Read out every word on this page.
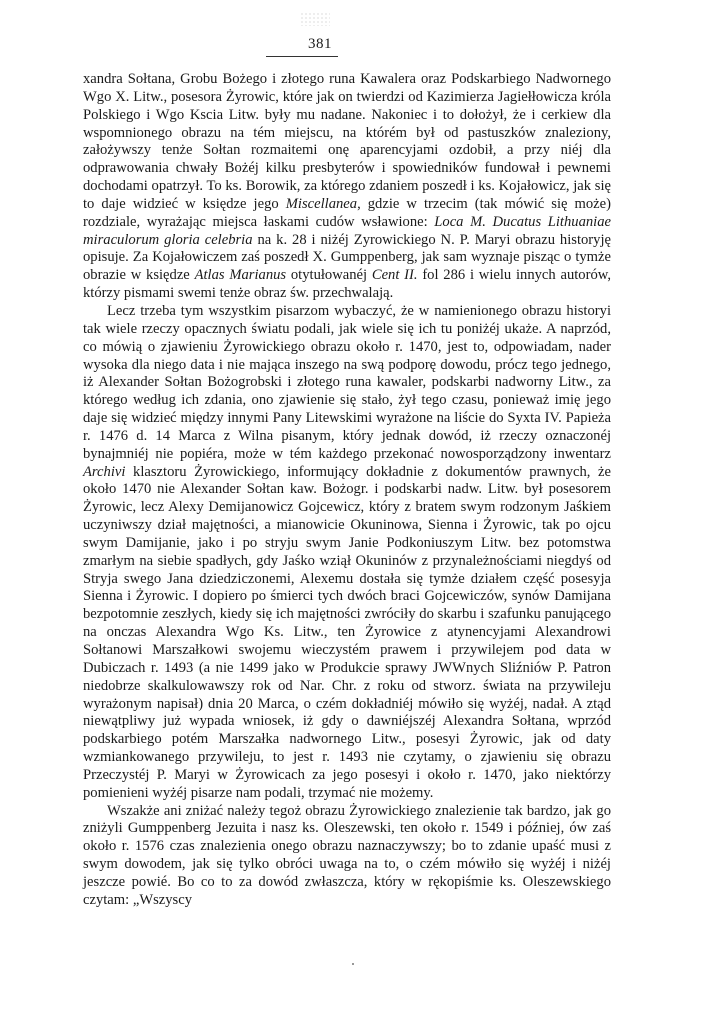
381

xandra Sołtana, Grobu Bożego i złotego runa Kawalera oraz Podskarbiego Nadwornego Wgo X. Litw., posesora Żyrowic, które jak on twierdzi od Kazimierza Jagiełłowicza króla Polskiego i Wgo Kscia Litw. były mu nadane. Nakoniec i to dołożył, że i cerkiew dla wspomnionego obrazu na tém miejscu, na którém był od pastuszków znaleziony, założywszy tenże Sołtan rozmaitemi onę aparencyjami ozdobił, a przy niéj dla odprawowania chwały Bożéj kilku presbyterów i spowiedników fundował i pewnemi dochodami opatrzył. To ks. Borowik, za którego zdaniem poszedł i ks. Kojałowicz, jak się to daje widzieć w księdze jego Miscellanea, gdzie w trzecim (tak mówić się może) rozdziale, wyrażając miejsca łaskami cudów wsławione: Loca M. Ducatus Lithuaniae miraculorum gloria celebria na k. 28 i niżéj Zyrowickiego N. P. Maryi obrazu historyję opisuje. Za Kojałowiczem zaś poszedł X. Gumppenberg, jak sam wyznaje pisząc o tymże obrazie w księdze Atlas Marianus otytułowanéj Cent II. fol 286 i wielu innych autorów, którzy pismami swemi tenże obraz św. przechwalają.

Lecz trzeba tym wszystkim pisarzom wybaczyć, że w namienionego obrazu historyi tak wiele rzeczy opacznych światu podali, jak wiele się ich tu poniżéj ukaże. A naprzód, co mówią o zjawieniu Żyrowickiego obrazu około r. 1470, jest to, odpowiadam, nader wysoka dla niego data i nie mająca inszego na swą podporę dowodu, prócz tego jednego, iż Alexander Sołtan Bożogrobski i złotego runa kawaler, podskarbi nadworny Litw., za którego według ich zdania, ono zjawienie się stało, żył tego czasu, ponieważ imię jego daje się widzieć między innymi Pany Litewskimi wyrażone na liście do Syxta IV. Papieża r. 1476 d. 14 Marca z Wilna pisanym, który jednak dowód, iż rzeczy oznaczonéj bynajmniéj nie popiéra, może w tém każdego przekonać nowosporządzony inwentarz Archivi klasztoru Żyrowickiego, informujący dokładnie z dokumentów prawnych, że około 1470 nie Alexander Sołtan kaw. Bożogr. i podskarbi nadw. Litw. był posesorem Żyrowic, lecz Alexy Demijanowicz Gojcewicz, który z bratem swym rodzonym Jaśkiem uczyniwszy dział majętności, a mianowicie Okuninowa, Sienna i Żyrowic, tak po ojcu swym Damijanie, jako i po stryju swym Janie Podkoniuszym Litw. bez potomstwa zmarłym na siebie spadłych, gdy Jaśko wziął Okuninów z przynależnościami niegdyś od Stryja swego Jana dziedziczonemi, Alexemu dostała się tymże działem część posesyja Sienna i Żyrowic. I dopiero po śmierci tych dwóch braci Gojcewiczów, synów Damijana bezpotomnie zeszłych, kiedy się ich majętności zwróciły do skarbu i szafunku panującego na onczas Alexandra Wgo Ks. Litw., ten Żyrowice z atynencyjami Alexandrowi Sołtanowi Marszałkowi swojemu wieczystém prawem i przywilejem pod data w Dubiczach r. 1493 (a nie 1499 jako w Produkcie sprawy JWWnych Sliźniów P. Patron niedobrze skalkulowawszy rok od Nar. Chr. z roku od stworz. świata na przywileju wyrażonym napisał) dnia 20 Marca, o czém dokładniéj mówiło się wyżéj, nadał. A ztąd niewątpliwy już wypada wniosek, iż gdy o dawniéjszéj Alexandra Sołtana, wprzód podskarbiego potém Marszałka nadwornego Litw., posesyi Żyrowic, jak od daty wzmiankowanego przywileju, to jest r. 1493 nie czytamy, o zjawieniu się obrazu Przeczystéj P. Maryi w Żyrowicach za jego posesyi i około r. 1470, jako niektórzy pomienieni wyżéj pisarze nam podali, trzymać nie możemy.

Wszakże ani zniżać należy tegoż obrazu Żyrowickiego znalezienie tak bardzo, jak go zniżyli Gumppenberg Jezuita i nasz ks. Oleszewski, ten około r. 1549 i później, ów zaś około r. 1576 czas znalezienia onego obrazu naznaczywszy; bo to zdanie upaść musi z swym dowodem, jak się tylko obróci uwaga na to, o czém mówiło się wyżéj i niżéj jeszcze powié. Bo co to za dowód zwłaszcza, który w rękopiśmie ks. Oleszewskiego czytam: „Wszyscy
